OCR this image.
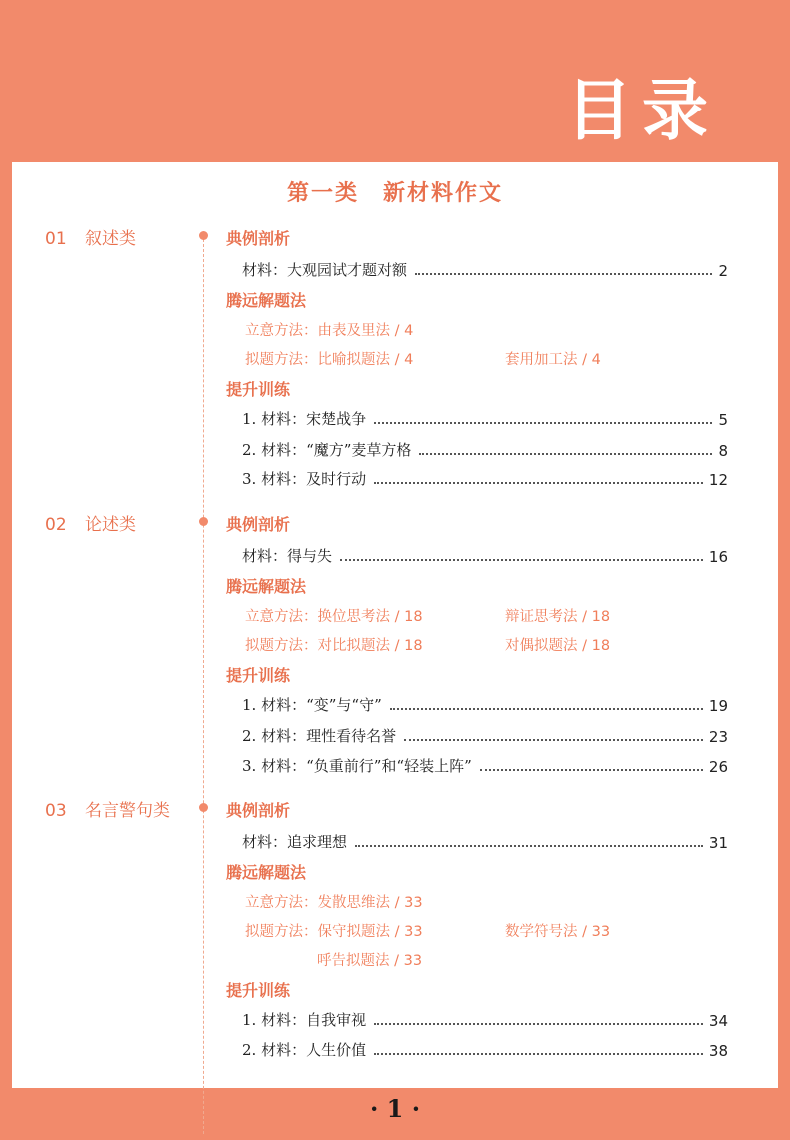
目录
第一类　新材料作文
01 叙述类	典例剖析
材料：大观园试才题对额	2
腾远解题法
立意方法：由表及里法 / 4
拟题方法：比喻拟题法 / 4	套用加工法 / 4
提升训练
1. 材料：宋楚战争	5
2. 材料：“魔方”麦草方格	8
3. 材料：及时行动	12
02 论述类	典例剖析
材料：得与失	16
腾远解题法
立意方法：换位思考法 / 18	辩证思考法 / 18
拟题方法：对比拟题法 / 18	对偶拟题法 / 18
提升训练
1. 材料：“变”与“守”	19
2. 材料：理性看待名誉	23
3. 材料：“负重前行”和“轻装上阵”	26
03 名言警句类	典例剖析
材料：追求理想	31
腾远解题法
立意方法：发散思维法 / 33
拟题方法：保守拟题法 / 33	数学符号法 / 33
呼告拟题法 / 33
提升训练
1. 材料：自我审视	34
2. 材料：人生价值	38
· 1 ·
